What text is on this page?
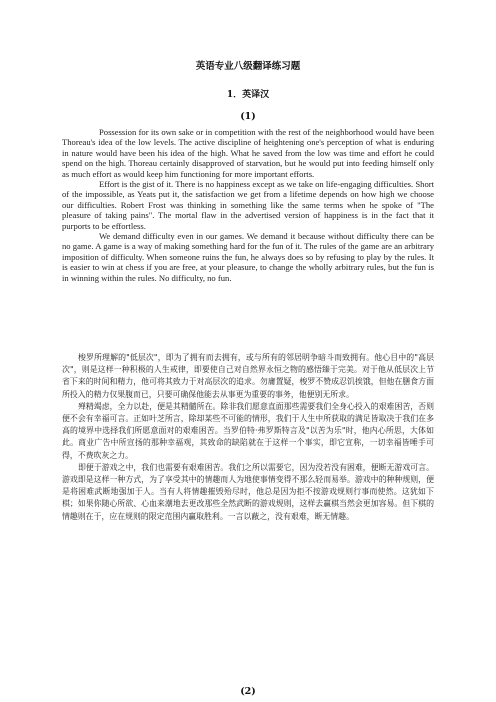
英语专业八级翻译练习题
1．英译汉
(1)

Possession for its own sake or in competition with the rest of the neighborhood would have been Thoreau's idea of the low levels. The active discipline of heightening one's perception of what is enduring in nature would have been his idea of the high. What he saved from the low was time and effort he could spend on the high. Thoreau certainly disapproved of starvation, but he would put into feeding himself only as much effort as would keep him functioning for more important efforts.

Effort is the gist of it. There is no happiness except as we take on life-engaging difficulties. Short of the impossible, as Yeats put it, the satisfaction we get from a lifetime depends on how high we choose our difficulties. Robert Frost was thinking in something like the same terms when he spoke of "The pleasure of taking pains". The mortal flaw in the advertised version of happiness is in the fact that it purports to be effortless.

We demand difficulty even in our games. We demand it because without difficulty there can be no game. A game is a way of making something hard for the fun of it. The rules of the game are an arbitrary imposition of difficulty. When someone ruins the fun, he always does so by refusing to play by the rules. It is easier to win at chess if you are free, at your pleasure, to change the wholly arbitrary rules, but the fun is in winning within the rules. No difficulty, no fun.

梭罗所理解的"低层次"，即为了拥有而去拥有，或与所有的邻居明争暗斗而致拥有。他心目中的"高层次"，则是这样一种积极的人生戒律，即要使自己对自然界永恒之物的感悟臻于完美。对于他从低层次上节省下来的时间和精力，他可将其致力于对高层次的追求。勿庸置疑，梭罗不赞成忍饥挨饿，但他在膳食方面所投入的精力仅果腹而已，只要可确保他能去从事更为重要的事务，他便别无所求。

殚精竭虑，全力以赴，便是其精髓所在。除非我们愿意直面那些需要我们全身心投入的艰难困苦，否则便不会有幸福可言。正如叶芝所言，除却某些不可能的情形，我们于人生中所获取的满足皆取决于我们在多高的境界中选择我们所愿意面对的艰难困苦。当罗伯特·弗罗斯特言及"以苦为乐"时，他内心所思，大体如此。商业广告中所宣扬的那种幸福观，其致命的缺陷就在于这样一个事实，即它宣称，一切幸福皆唾手可得，不费吹灰之力。

即便于游戏之中，我们也需要有艰难困苦。我们之所以需要它，因为没若没有困难，便断无游戏可言。游戏即是这样一种方式，为了享受其中的情趣而人为地使事情变得不那么轻而易举。游戏中的种种规则，便是将困难武断地强加于人。当有人将情趣摧毁殆尽时，他总是因为拒不按游戏规则行事而使然。这犹如下棋；如果你随心所欲、心血来潮地去更改那些全然武断的游戏规则，这样去赢棋当然会更加容易。但下棋的情趣则在于，应在规则的限定范围内赢取胜利。一言以蔽之，没有艰难，断无情趣。

(2)
